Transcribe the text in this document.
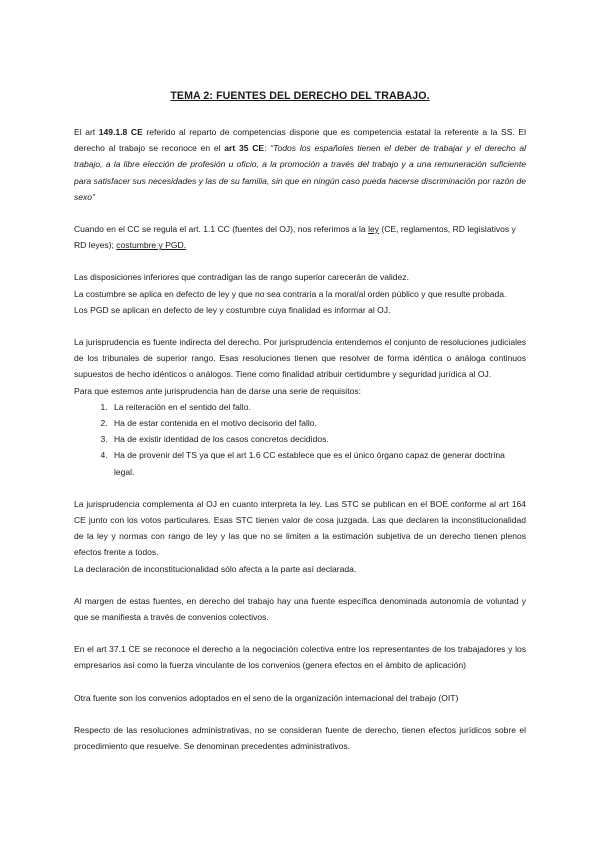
TEMA 2: FUENTES DEL DERECHO DEL TRABAJO.

El art 149.1.8 CE referido al reparto de competencias dispone que es competencia estatal la referente a la SS. El derecho al trabajo se reconoce en el art 35 CE: “Todos los españoles tienen el deber de trabajar y el derecho al trabajo, a la libre elección de profesión u oficio, a la promoción a través del trabajo y a una remuneración suficiente para satisfacer sus necesidades y las de su familia, sin que en ningún caso pueda hacerse discriminación por razón de sexo”

Cuando en el CC se regula el art. 1.1 CC (fuentes del OJ), nos referimos a la ley (CE, reglamentos, RD legislativos y RD leyes); costumbre y PGD.

Las disposiciones inferiores que contradigan las de rango superior carecerán de validez.

La costumbre se aplica en defecto de ley y que no sea contraria a la moral/al orden público y que resulte probada.

Los PGD se aplican en defecto de ley y costumbre cuya finalidad es informar al OJ.

La jurisprudencia es fuente indirecta del derecho. Por jurisprudencia entendemos el conjunto de resoluciones judiciales de los tribunales de superior rango. Esas resoluciones tienen que resolver de forma idéntica o análoga continuos supuestos de hecho idénticos o análogos. Tiene como finalidad atribuir certidumbre y seguridad jurídica al OJ.

Para que estemos ante jurisprudencia han de darse una serie de requisitos:

1. La reiteración en el sentido del fallo.
2. Ha de estar contenida en el motivo decisorio del fallo.
3. Ha de existir identidad de los casos concretos decididos.
4. Ha de provenir del TS ya que el art 1.6 CC establece que es el único órgano capaz de generar doctrina legal.

La jurisprudencia complementa al OJ en cuanto interpreta la ley. Las STC se publican en el BOE conforme al art 164 CE junto con los votos particulares. Esas STC tienen valor de cosa juzgada. Las que declaren la inconstitucionalidad de la ley y normas con rango de ley y las que no se limiten a la estimación subjetiva de un derecho tienen plenos efectos frente a todos.

La declaración de inconstitucionalidad sólo afecta a la parte así declarada.

Al margen de estas fuentes, en derecho del trabajo hay una fuente específica denominada autonomía de voluntad y que se manifiesta a través de convenios colectivos.

En el art 37.1 CE se reconoce el derecho a la negociación colectiva entre los representantes de los trabajadores y los empresarios así como la fuerza vinculante de los convenios (genera efectos en el ámbito de aplicación)

Otra fuente son los convenios adoptados en el seno de la organización internacional del trabajo (OIT)

Respecto de las resoluciones administrativas, no se consideran fuente de derecho, tienen efectos jurídicos sobre el procedimiento que resuelve. Se denominan precedentes administrativos.
